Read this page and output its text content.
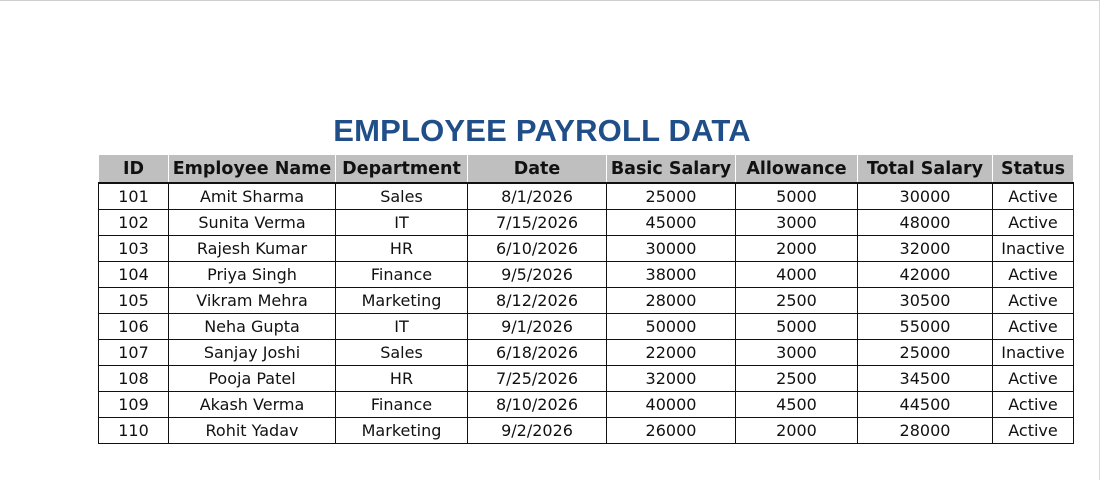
EMPLOYEE PAYROLL DATA
ID	Employee Name	Department	Date	Basic Salary	Allowance	Total Salary	Status
101	Amit Sharma	Sales	8/1/2026	25000	5000	30000	Active
102	Sunita Verma	IT	7/15/2026	45000	3000	48000	Active
103	Rajesh Kumar	HR	6/10/2026	30000	2000	32000	Inactive
104	Priya Singh	Finance	9/5/2026	38000	4000	42000	Active
105	Vikram Mehra	Marketing	8/12/2026	28000	2500	30500	Active
106	Neha Gupta	IT	9/1/2026	50000	5000	55000	Active
107	Sanjay Joshi	Sales	6/18/2026	22000	3000	25000	Inactive
108	Pooja Patel	HR	7/25/2026	32000	2500	34500	Active
109	Akash Verma	Finance	8/10/2026	40000	4500	44500	Active
110	Rohit Yadav	Marketing	9/2/2026	26000	2000	28000	Active
